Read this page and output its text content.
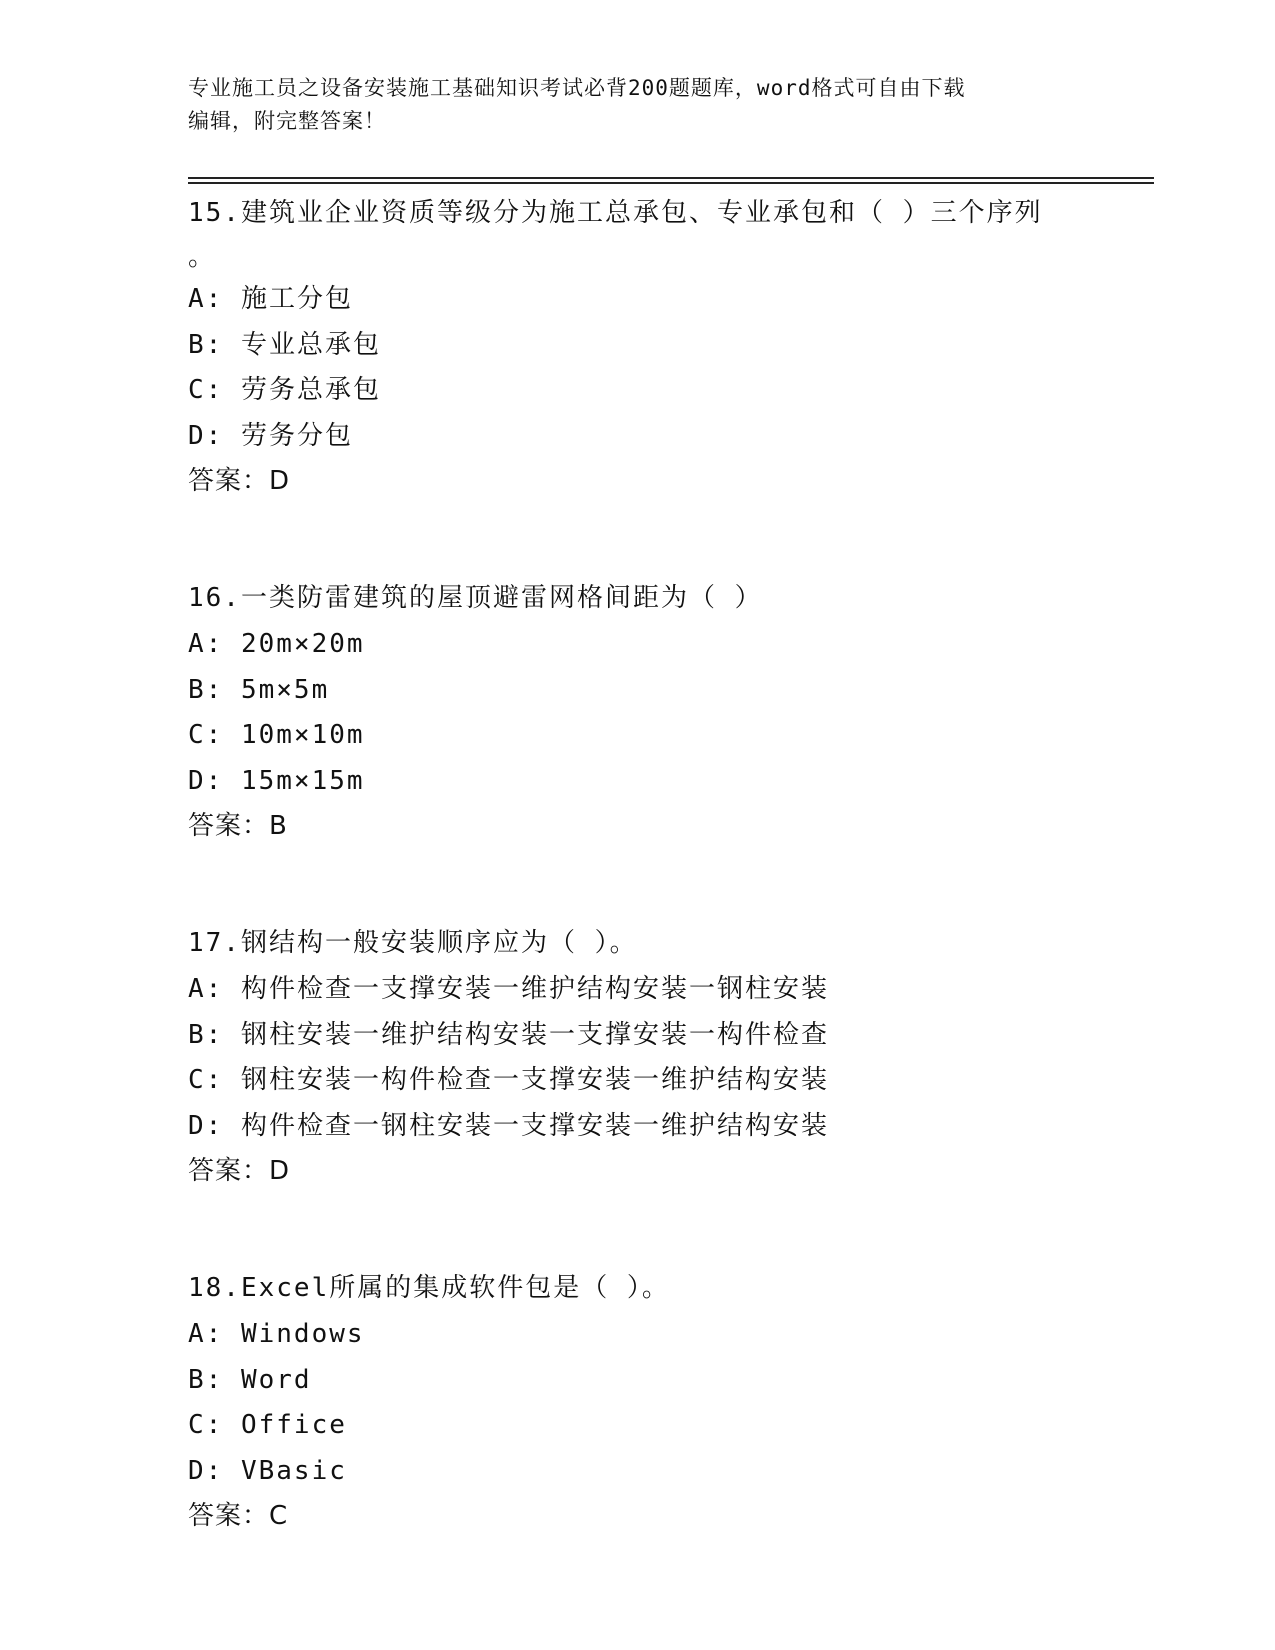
专业施工员之设备安装施工基础知识考试必背200题题库，word格式可自由下载
编辑，附完整答案！
15.建筑业企业资质等级分为施工总承包、专业承包和（ ）三个序列
。
A: 施工分包
B: 专业总承包
C: 劳务总承包
D: 劳务分包
答案：D
16.一类防雷建筑的屋顶避雷网格间距为（ ）
A: 20m×20m
B: 5m×5m
C: 10m×10m
D: 15m×15m
答案：B
17.钢结构一般安装顺序应为（ ）。
A: 构件检查一支撑安装一维护结构安装一钢柱安装
B: 钢柱安装一维护结构安装一支撑安装一构件检查
C: 钢柱安装一构件检查一支撑安装一维护结构安装
D: 构件检查一钢柱安装一支撑安装一维护结构安装
答案：D
18.Excel所属的集成软件包是（ ）。
A: Windows
B: Word
C: Office
D: VBasic
答案：C
